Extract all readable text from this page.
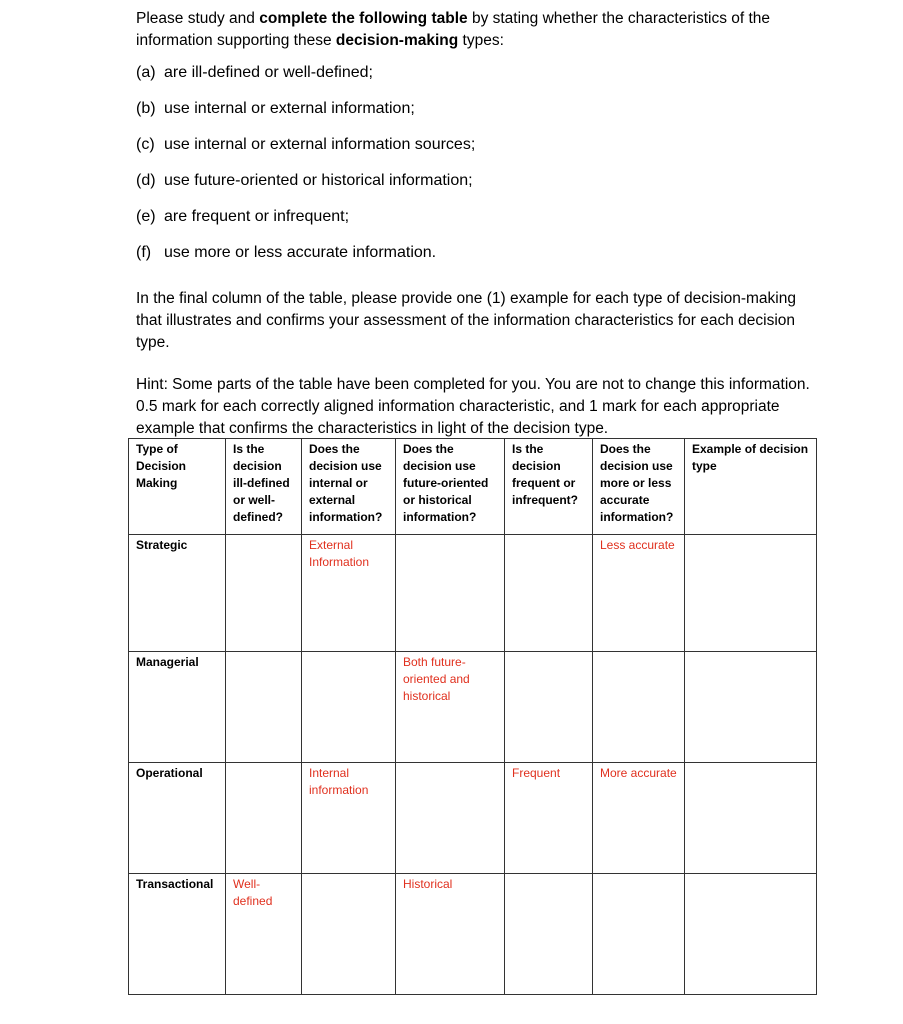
Please study and complete the following table by stating whether the characteristics of the information supporting these decision-making types:

(a) are ill-defined or well-defined;
(b) use internal or external information;
(c) use internal or external information sources;
(d) use future-oriented or historical information;
(e) are frequent or infrequent;
(f) use more or less accurate information.

In the final column of the table, please provide one (1) example for each type of decision-making that illustrates and confirms your assessment of the information characteristics for each decision type.

Hint: Some parts of the table have been completed for you. You are not to change this information. 0.5 mark for each correctly aligned information characteristic, and 1 mark for each appropriate example that confirms the characteristics in light of the decision type.

Type of Decision Making	Is the decision ill-defined or well-defined?	Does the decision use internal or external information?	Does the decision use future-oriented or historical information?	Is the decision frequent or infrequent?	Does the decision use more or less accurate information?	Example of decision type
Strategic		External Information			Less accurate	
Managerial			Both future-oriented and historical			
Operational		Internal information		Frequent	More accurate	
Transactional	Well-defined		Historical			
